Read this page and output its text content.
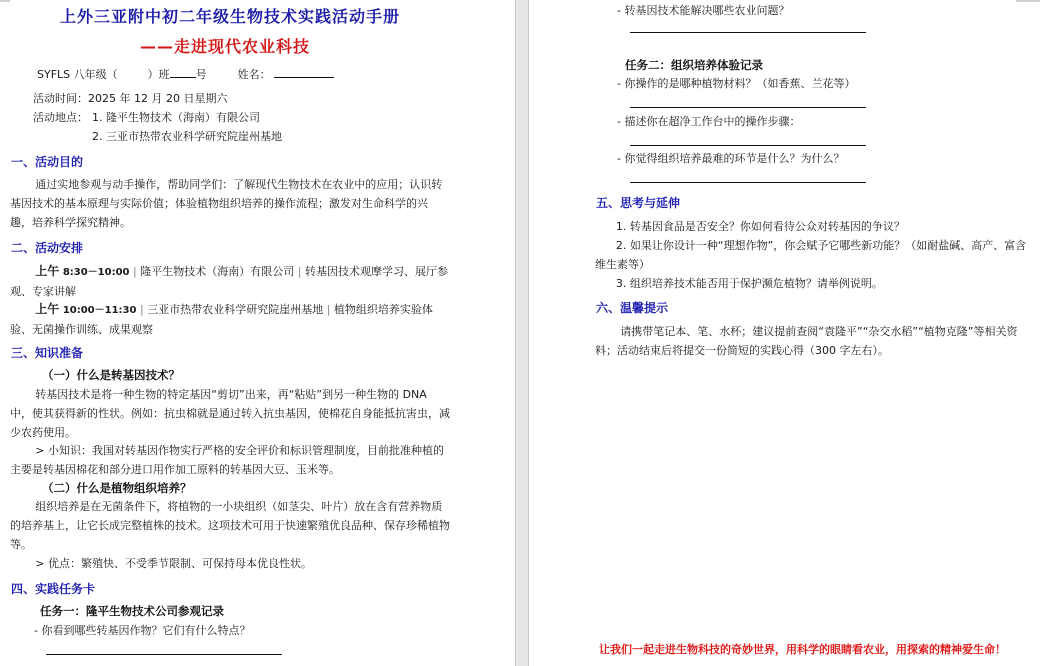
上外三亚附中初二年级生物技术实践活动手册
——走进现代农业科技
SYFLS 八年级（	）班 号	姓名：
活动时间：2025 年 12 月 20 日星期六
活动地点： 1. 隆平生物技术（海南）有限公司
2. 三亚市热带农业科学研究院崖州基地
一、活动目的
通过实地参观与动手操作，帮助同学们：了解现代生物技术在农业中的应用；认识转基因技术的基本原理与实际价值；体验植物组织培养的操作流程；激发对生命科学的兴趣，培养科学探究精神。
二、活动安排
上午 8:30－10:00 | 隆平生物技术（海南）有限公司 | 转基因技术观摩学习、展厅参观、专家讲解
上午 10:00－11:30 | 三亚市热带农业科学研究院崖州基地 | 植物组织培养实验体验、无菌操作训练、成果观察
三、知识准备
（一）什么是转基因技术？
转基因技术是将一种生物的特定基因“剪切”出来，再“粘贴”到另一种生物的 DNA 中，使其获得新的性状。例如：抗虫棉就是通过转入抗虫基因，使棉花自身能抵抗害虫，减少农药使用。
> 小知识：我国对转基因作物实行严格的安全评价和标识管理制度，目前批准种植的主要是转基因棉花和部分进口用作加工原料的转基因大豆、玉米等。
（二）什么是植物组织培养？
组织培养是在无菌条件下，将植物的一小块组织（如茎尖、叶片）放在含有营养物质的培养基上，让它长成完整植株的技术。这项技术可用于快速繁殖优良品种、保存珍稀植物等。
> 优点：繁殖快、不受季节限制、可保持母本优良性状。
四、实践任务卡
任务一：隆平生物技术公司参观记录
- 你看到哪些转基因作物？它们有什么特点？
- 转基因技术能解决哪些农业问题？
任务二：组织培养体验记录
- 你操作的是哪种植物材料？（如香蕉、兰花等）
- 描述你在超净工作台中的操作步骤：
- 你觉得组织培养最难的环节是什么？为什么？
五、思考与延伸
1. 转基因食品是否安全？你如何看待公众对转基因的争议？
2. 如果让你设计一种“理想作物”，你会赋予它哪些新功能？（如耐盐碱、高产、富含维生素等）
3. 组织培养技术能否用于保护濒危植物？请举例说明。
六、温馨提示
请携带笔记本、笔、水杯；建议提前查阅“袁隆平”“杂交水稻”“植物克隆”等相关资料；活动结束后将提交一份简短的实践心得（300 字左右）。
让我们一起走进生物科技的奇妙世界，用科学的眼睛看农业，用探索的精神爱生命！
